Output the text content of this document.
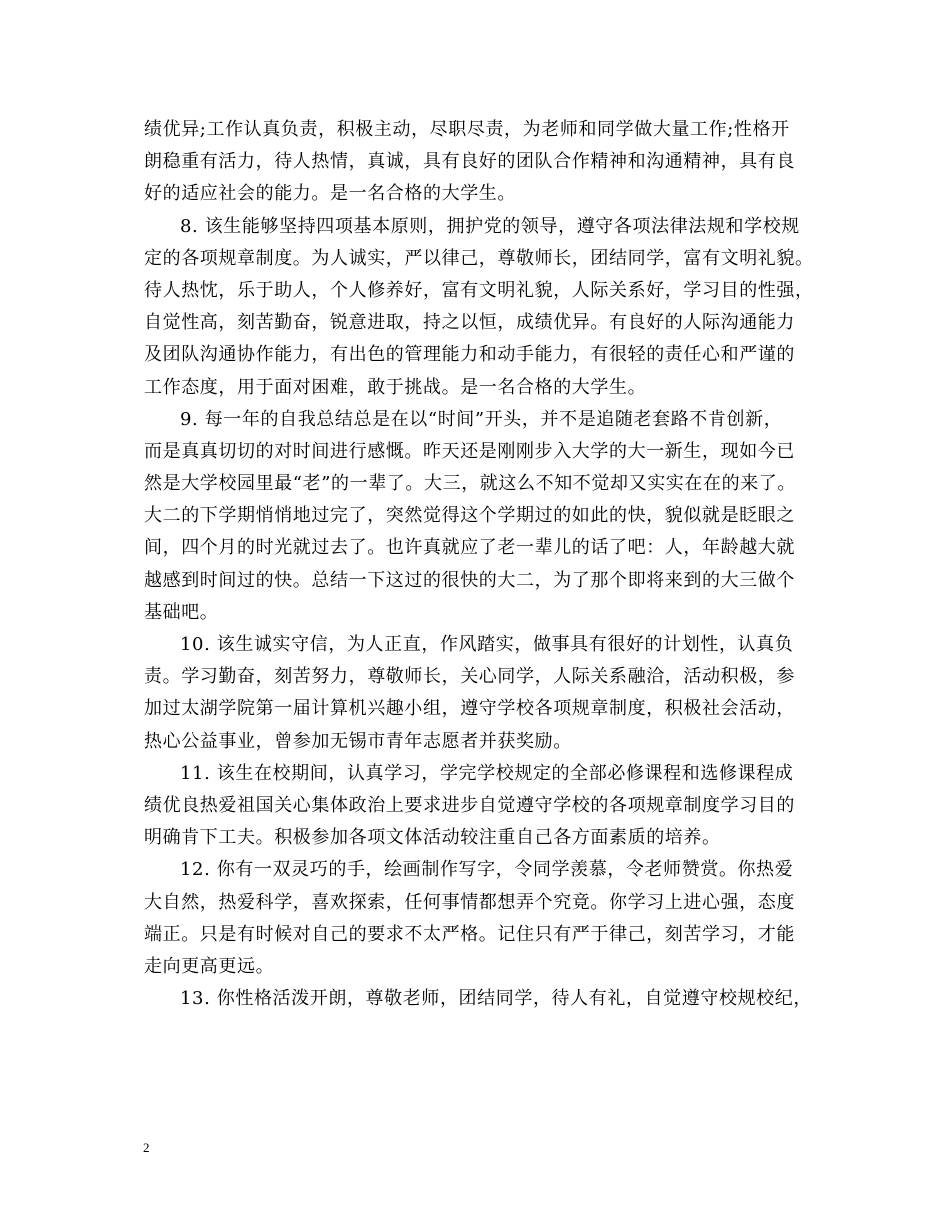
绩优异;工作认真负责，积极主动，尽职尽责，为老师和同学做大量工作;性格开
朗稳重有活力，待人热情，真诚，具有良好的团队合作精神和沟通精神，具有良
好的适应社会的能力。是一名合格的大学生。
8. 该生能够坚持四项基本原则，拥护党的领导，遵守各项法律法规和学校规
定的各项规章制度。为人诚实，严以律己，尊敬师长，团结同学，富有文明礼貌。
待人热忱，乐于助人，个人修养好，富有文明礼貌，人际关系好，学习目的性强，
自觉性高，刻苦勤奋，锐意进取，持之以恒，成绩优异。有良好的人际沟通能力
及团队沟通协作能力，有出色的管理能力和动手能力，有很轻的责任心和严谨的
工作态度，用于面对困难，敢于挑战。是一名合格的大学生。
9. 每一年的自我总结总是在以“时间”开头，并不是追随老套路不肯创新，
而是真真切切的对时间进行感慨。昨天还是刚刚步入大学的大一新生，现如今已
然是大学校园里最“老”的一辈了。大三，就这么不知不觉却又实实在在的来了。
大二的下学期悄悄地过完了，突然觉得这个学期过的如此的快，貌似就是眨眼之
间，四个月的时光就过去了。也许真就应了老一辈儿的话了吧：人，年龄越大就
越感到时间过的快。总结一下这过的很快的大二，为了那个即将来到的大三做个
基础吧。
10. 该生诚实守信，为人正直，作风踏实，做事具有很好的计划性，认真负
责。学习勤奋，刻苦努力，尊敬师长，关心同学，人际关系融洽，活动积极，参
加过太湖学院第一届计算机兴趣小组，遵守学校各项规章制度，积极社会活动，
热心公益事业，曾参加无锡市青年志愿者并获奖励。
11. 该生在校期间，认真学习，学完学校规定的全部必修课程和选修课程成
绩优良热爱祖国关心集体政治上要求进步自觉遵守学校的各项规章制度学习目的
明确肯下工夫。积极参加各项文体活动较注重自己各方面素质的培养。
12. 你有一双灵巧的手，绘画制作写字，令同学羡慕，令老师赞赏。你热爱
大自然，热爱科学，喜欢探索，任何事情都想弄个究竟。你学习上进心强，态度
端正。只是有时候对自己的要求不太严格。记住只有严于律己，刻苦学习，才能
走向更高更远。
13. 你性格活泼开朗，尊敬老师，团结同学，待人有礼，自觉遵守校规校纪，
2
